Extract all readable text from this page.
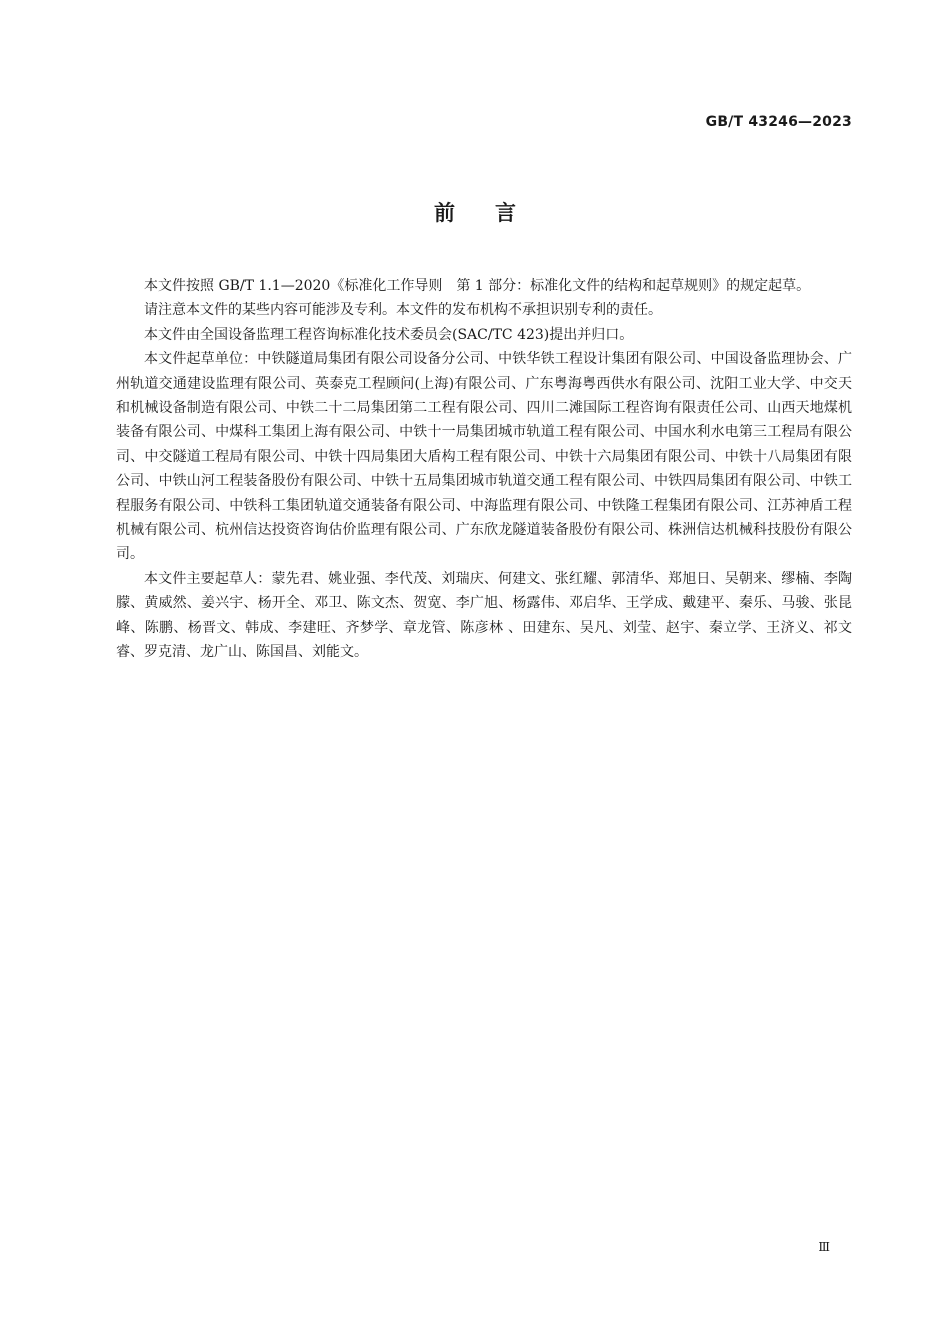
GB/T 43246—2023
前言

本文件按照 GB/T 1.1—2020《标准化工作导则　第 1 部分：标准化文件的结构和起草规则》的规定起草。

请注意本文件的某些内容可能涉及专利。本文件的发布机构不承担识别专利的责任。

本文件由全国设备监理工程咨询标准化技术委员会(SAC/TC 423)提出并归口。

本文件起草单位：中铁隧道局集团有限公司设备分公司、中铁华铁工程设计集团有限公司、中国设备监理协会、广州轨道交通建设监理有限公司、英泰克工程顾问(上海)有限公司、广东粤海粤西供水有限公司、沈阳工业大学、中交天和机械设备制造有限公司、中铁二十二局集团第二工程有限公司、四川二滩国际工程咨询有限责任公司、山西天地煤机装备有限公司、中煤科工集团上海有限公司、中铁十一局集团城市轨道工程有限公司、中国水利水电第三工程局有限公司、中交隧道工程局有限公司、中铁十四局集团大盾构工程有限公司、中铁十六局集团有限公司、中铁十八局集团有限公司、中铁山河工程装备股份有限公司、中铁十五局集团城市轨道交通工程有限公司、中铁四局集团有限公司、中铁工程服务有限公司、中铁科工集团轨道交通装备有限公司、中海监理有限公司、中铁隆工程集团有限公司、江苏神盾工程机械有限公司、杭州信达投资咨询估价监理有限公司、广东欣龙隧道装备股份有限公司、株洲信达机械科技股份有限公司。

本文件主要起草人：蒙先君、姚业强、李代茂、刘瑞庆、何建文、张红耀、郭清华、郑旭日、吴朝来、缪楠、李陶朦、黄威然、姜兴宇、杨开全、邓卫、陈文杰、贺宽、李广旭、杨露伟、邓启华、王学成、戴建平、秦乐、马骏、张昆峰、陈鹏、杨晋文、韩成、李建旺、齐梦学、章龙管、陈彦林 、田建东、吴凡、刘莹、赵宇、秦立学、王济义、祁文睿、罗克清、龙广山、陈国昌、刘能文。

Ⅲ
